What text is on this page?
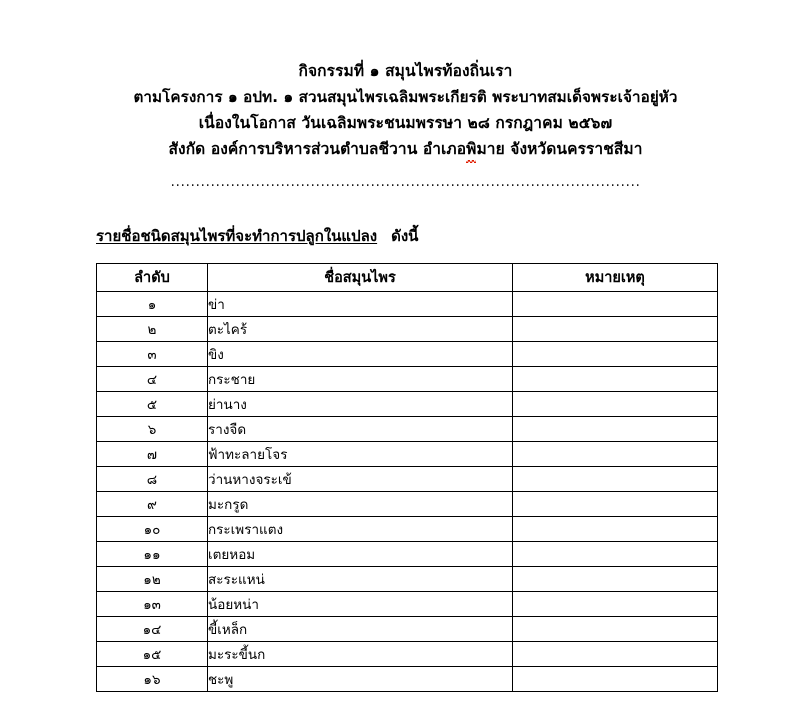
กิจกรรมที่ ๑ สมุนไพรท้องถิ่นเรา
ตามโครงการ ๑ อปท. ๑ สวนสมุนไพรเฉลิมพระเกียรติ พระบาทสมเด็จพระเจ้าอยู่หัว
เนื่องในโอกาส วันเฉลิมพระชนมพรรษา ๒๘ กรกฎาคม ๒๕๖๗
สังกัด องค์การบริหารส่วนตำบลชีวาน อำเภอพิมาย จังหวัดนครราชสีมา
..............................................................................................
รายชื่อชนิดสมุนไพรที่จะทำการปลูกในแปลง ดังนี้
ลำดับ	ชื่อสมุนไพร	หมายเหตุ
๑	ข่า	
๒	ตะไคร้	
๓	ขิง	
๔	กระชาย	
๕	ย่านาง	
๖	รางจืด	
๗	ฟ้าทะลายโจร	
๘	ว่านหางจระเข้	
๙	มะกรูด	
๑๐	กระเพราแตง	
๑๑	เตยหอม	
๑๒	สะระแหน่	
๑๓	น้อยหน่า	
๑๔	ขี้เหล็ก	
๑๕	มะระขี้นก	
๑๖	ชะพู	
